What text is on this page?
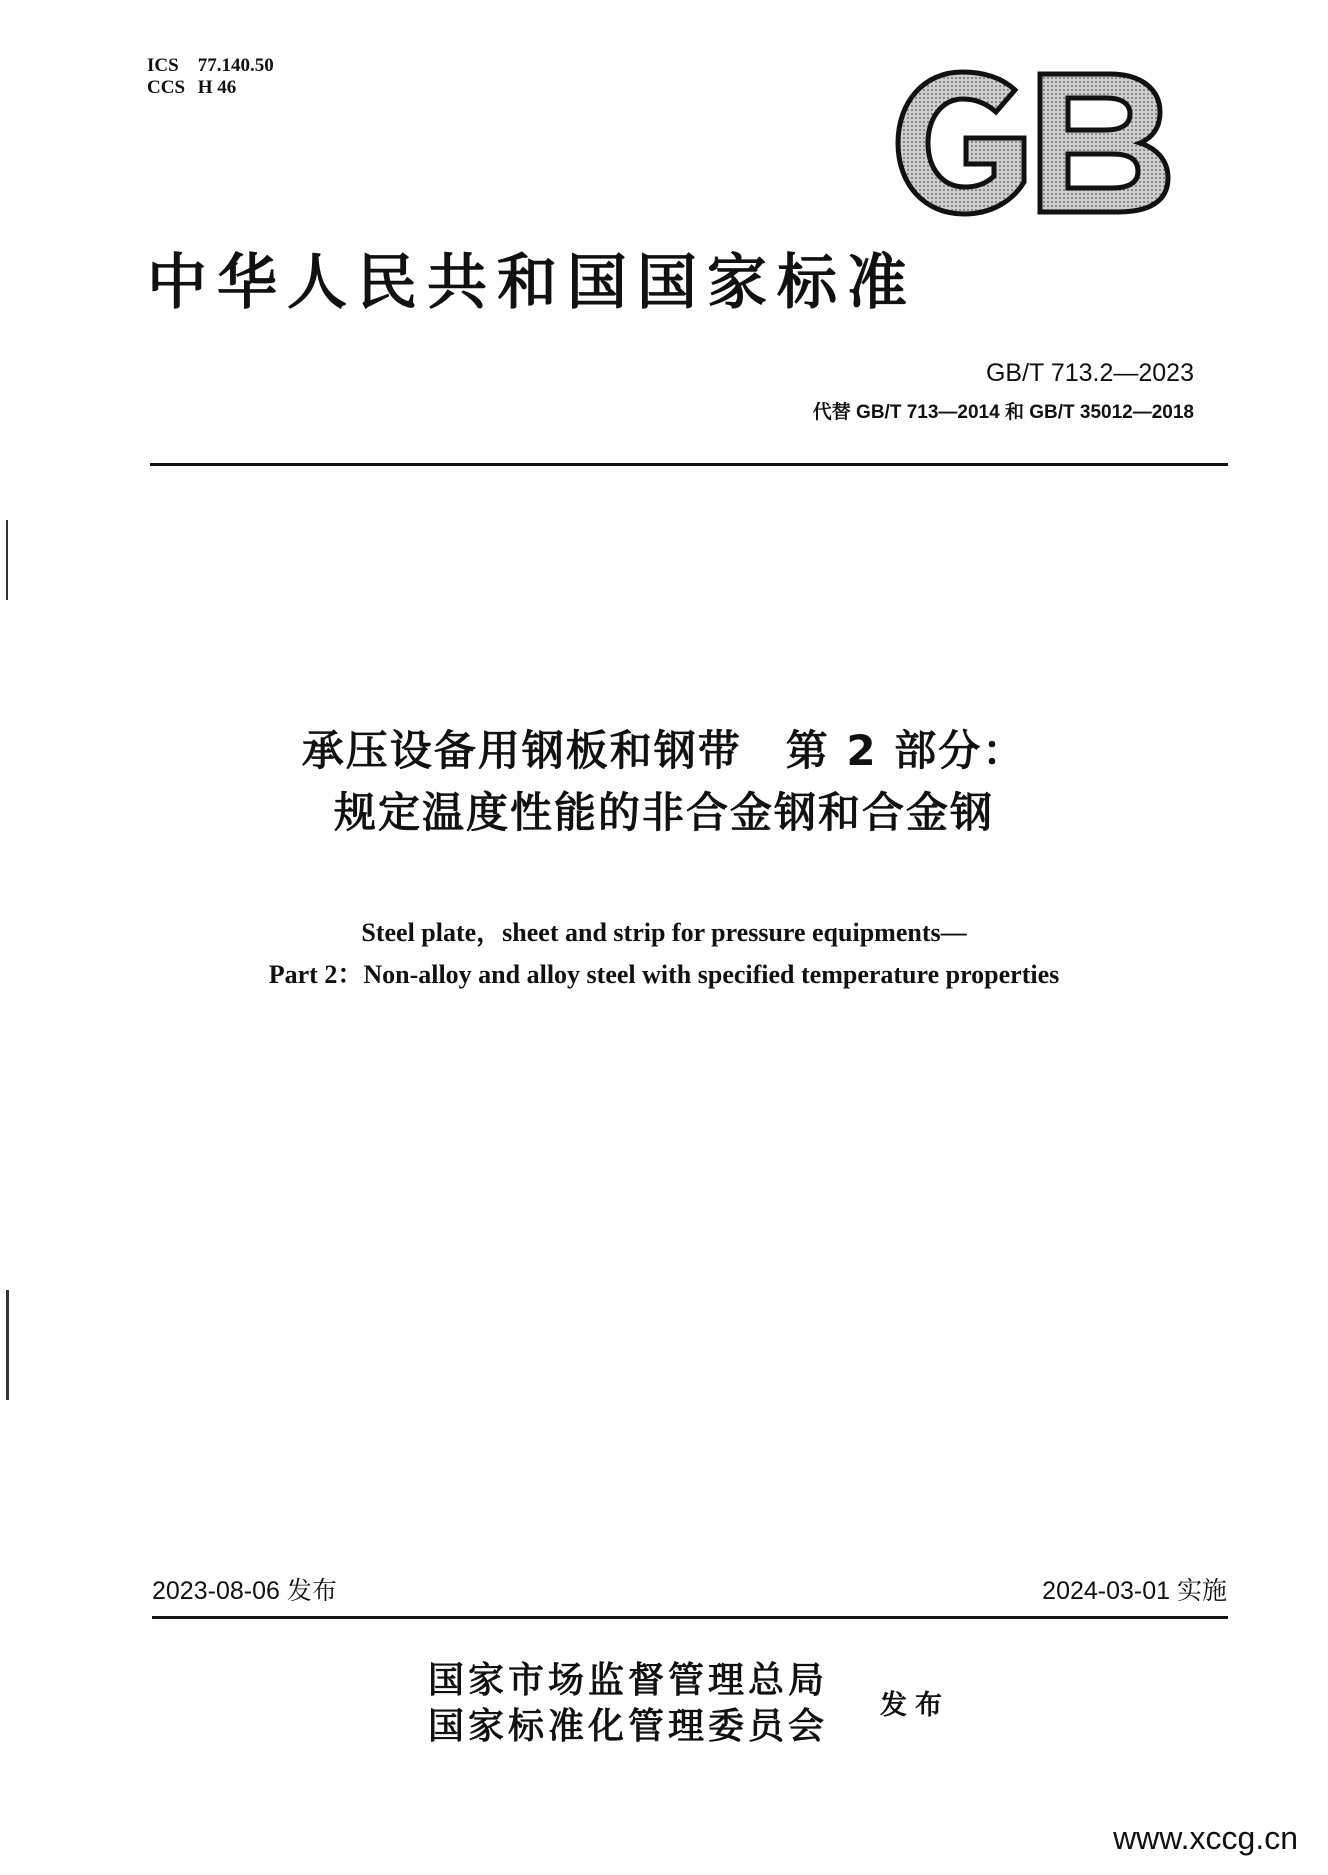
ICS 77.140.50
CCS H 46
中华人民共和国国家标准
GB/T 713.2—2023
代替 GB/T 713—2014 和 GB/T 35012—2018
承压设备用钢板和钢带　第 2 部分：
规定温度性能的非合金钢和合金钢
Steel plate，sheet and strip for pressure equipments—
Part 2：Non-alloy and alloy steel with specified temperature properties
2023-08-06 发布	2024-03-01 实施
国家市场监督管理总局
国家标准化管理委员会
发布
www.xccg.cn
